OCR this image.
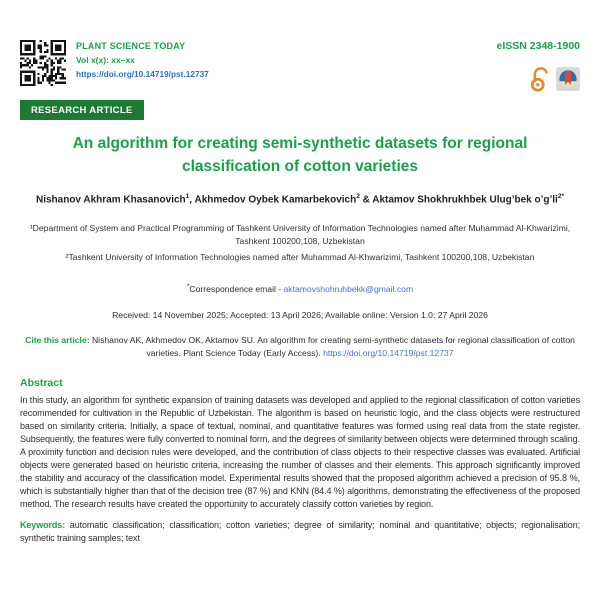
PLANT SCIENCE TODAY
Vol x(x): xx–xx
https://doi.org/10.14719/pst.12737
eISSN 2348-1900
RESEARCH ARTICLE
An algorithm for creating semi-synthetic datasets for regional classification of cotton varieties
Nishanov Akhram Khasanovich$^1$, Akhmedov Oybek Kamarbekovich$^2$ & Aktamov Shokhrukhbek Ulug’bek $o’g’li^{2*}$

¹Department of System and Practical Programming of Tashkent University of Information Technologies named after Muhammad Al-Khwarizimi, Tashkent 100200,108, Uzbekistan

²Tashkent University of Information Technologies named after Muhammad Al-Khwarizimi, Tashkent 100200,108, Uzbekistan

*Correspondence email - aktamovshohruhbekk@gmail.com
Received: 14 November 2025; Accepted: 13 April 2026; Available online: Version 1.0: 27 April 2026
Cite this article: Nishanov AK, Akhmedov OK, Aktamov SU. An algorithm for creating semi-synthetic datasets for regional classification of cotton varieties. Plant Science Today (Early Access). https://doi.org/10.14719/pst.12737
Abstract

In this study, an algorithm for synthetic expansion of training datasets was developed and applied to the regional classification of cotton varieties recommended for cultivation in the Republic of Uzbekistan. The algorithm is based on heuristic logic, and the class objects were restructured based on similarity criteria. Initially, a space of textual, nominal, and quantitative features was formed using real data from the state register. Subsequently, the features were fully converted to nominal form, and the degrees of similarity between objects were determined through scaling. A proximity function and decision rules were developed, and the contribution of class objects to their respective classes was evaluated. Artificial objects were generated based on heuristic criteria, increasing the number of classes and their elements. This approach significantly improved the stability and accuracy of the classification model. Experimental results showed that the proposed algorithm achieved a precision of 95.8 %, which is substantially higher than that of the decision tree (87 %) and KNN (84.4 %) algorithms, demonstrating the effectiveness of the proposed method. The research results have created the opportunity to accurately classify cotton varieties by region.

Keywords: automatic classification; classification; cotton varieties; degree of similarity; nominal and quantitative; objects; regionalisation; synthetic training samples; text
